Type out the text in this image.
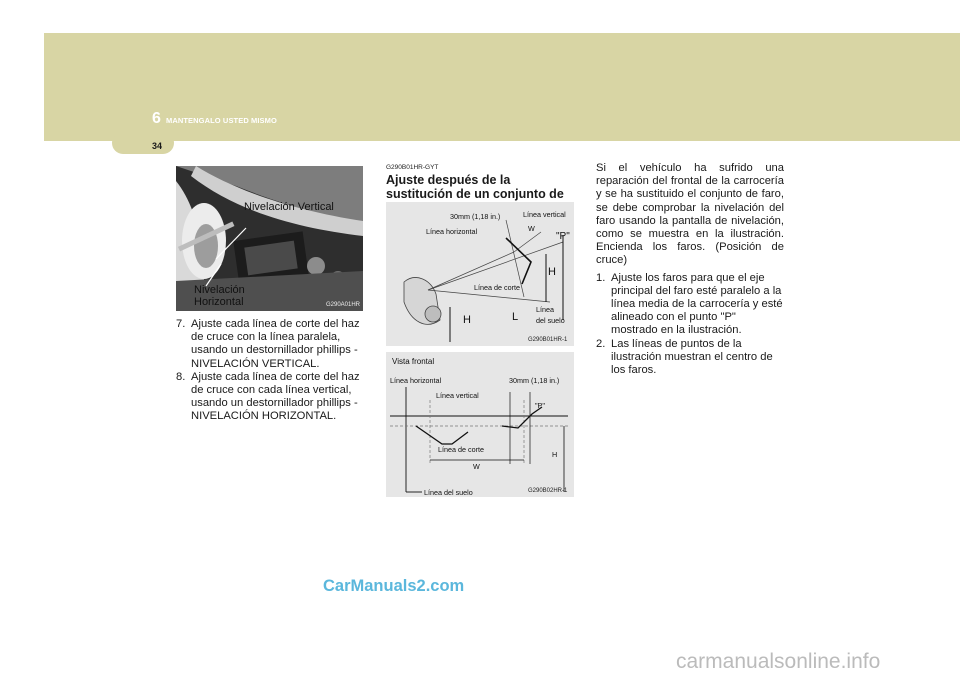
6 MANTENGALO USTED MISMO
34
Nivelación Vertical
Nivelación
Horizontal	G290A01HR
7. Ajuste cada línea de corte del haz de cruce con la línea paralela, usando un destornillador phillips - NIVELACIÓN VERTICAL.
8. Ajuste cada línea de corte del haz de cruce con cada línea vertical, usando un destornillador phillips - NIVELACIÓN HORIZONTAL.
G290B01HR-GYT
Ajuste después de la sustitución de un conjunto de
30mm (1,18 in.)	Línea vertical
Línea horizontal	W
"P"
H
Línea de corte
Línea
del suelo
H	L
G290B01HR-1
Vista frontal
Línea horizontal	30mm (1,18 in.)
Línea vertical
"P"
Línea de corte
H
W
Línea del suelo	G290B02HR-1

Si el vehículo ha sufrido una reparación del frontal de la carrocería y se ha sustituido el conjunto de faro, se debe comprobar la nivelación del faro usando la pantalla de nivelación, como se muestra en la ilustración. Encienda los faros. (Posición de cruce)

1. Ajuste los faros para que el eje principal del faro esté paralelo a la línea media de la carrocería y esté alineado con el punto "P" mostrado en la ilustración.
2. Las líneas de puntos de la ilustración muestran el centro de los faros.
CarManuals2.com
carmanualsonline.info
